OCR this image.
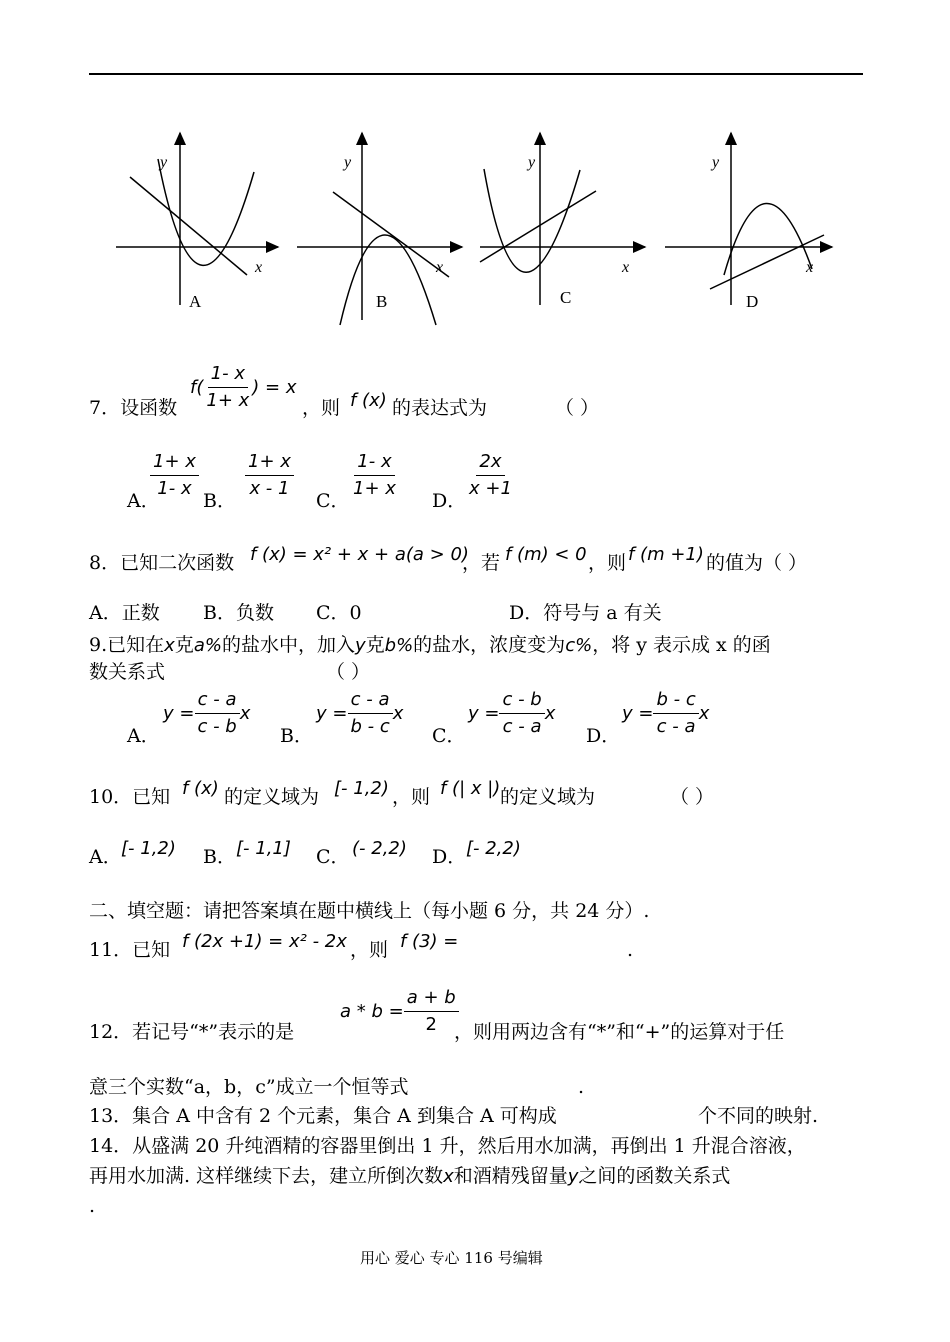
y
x
A
y
x
B
y
x
C
y
x
D
7．设函数
f ( $\frac{1- x}{1+ x}$ ) = x
，则 f (x) 的表达式为	（ ）
A．
$\frac{1+ x}{1- x}$
B．
$\frac{1+ x}{x - 1}$
C．
$\frac{1- x}{1+ x}$
D．
$\frac{2x}{x +1}$
8．已知二次函数 f (x) = x² + x + a(a > 0)
，若 f (m) < 0 ，则 f (m +1) 的值为（ ）
A．正数 B．负数 C．0	D．符号与 a 有关
9.已知在x克a%的盐水中，加入y克b%的盐水，浓度变为c%，将 y 表示成 x 的函
数关系式	（ ）
A．
$y = \frac{c - a}{c - b}$ x
B．
$y = \frac{c - a}{b - c}$ x
C．
$y = \frac{c - b}{c - a}$ x
D．
$y = \frac{b - c}{c - a}$ x
10．已知 f (x) 的定义域为 [- 1,2) ，则 f (| x |) 的定义域为	（ ）
A． [- 1,2) B． [- 1,1] C． (- 2,2) D． [- 2,2)
二、填空题：请把答案填在题中横线上（每小题 6 分，共 24 分）.
11．已知 f (2x +1) = x² - 2x ，则 f (3) =	.
$a * b = \frac{a + b}{2}$
12．若记号“*”表示的是	，则用两边含有“*”和“+”的运算对于任
意三个实数“a，b，c”成立一个恒等式	.
13．集合 A 中含有 2 个元素，集合 A 到集合 A 可构成	个不同的映射.
14．从盛满 20 升纯酒精的容器里倒出 1 升，然后用水加满，再倒出 1 升混合溶液，
再用水加满. 这样继续下去，建立所倒次数x和酒精残留量y之间的函数关系式
.
用心 爱心 专心 116 号编辑
